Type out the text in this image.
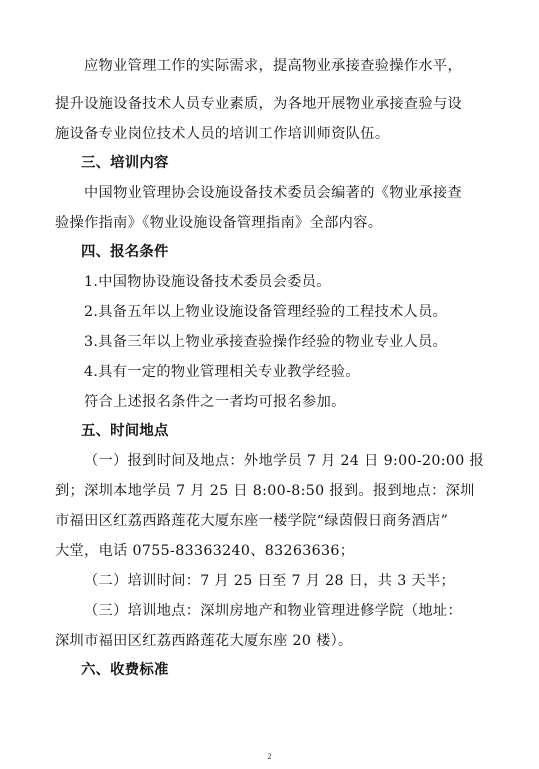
应物业管理工作的实际需求，提高物业承接查验操作水平，
提升设施设备技术人员专业素质，为各地开展物业承接查验与设
施设备专业岗位技术人员的培训工作培训师资队伍。
三、培训内容
中国物业管理协会设施设备技术委员会编著的《物业承接查
验操作指南》《物业设施设备管理指南》全部内容。
四、报名条件
1.中国物协设施设备技术委员会委员。
2.具备五年以上物业设施设备管理经验的工程技术人员。
3.具备三年以上物业承接查验操作经验的物业专业人员。
4.具有一定的物业管理相关专业教学经验。
符合上述报名条件之一者均可报名参加。
五、时间地点
（一）报到时间及地点：外地学员 7 月 24 日 9:00-20:00 报
到；深圳本地学员 7 月 25 日 8:00-8:50 报到。报到地点：深圳
市福田区红荔西路莲花大厦东座一楼学院“绿茵假日商务酒店”
大堂，电话 0755-83363240、83263636；
（二）培训时间：7 月 25 日至 7 月 28 日，共 3 天半；
（三）培训地点：深圳房地产和物业管理进修学院（地址：
深圳市福田区红荔西路莲花大厦东座 20 楼）。
六、收费标准
2
